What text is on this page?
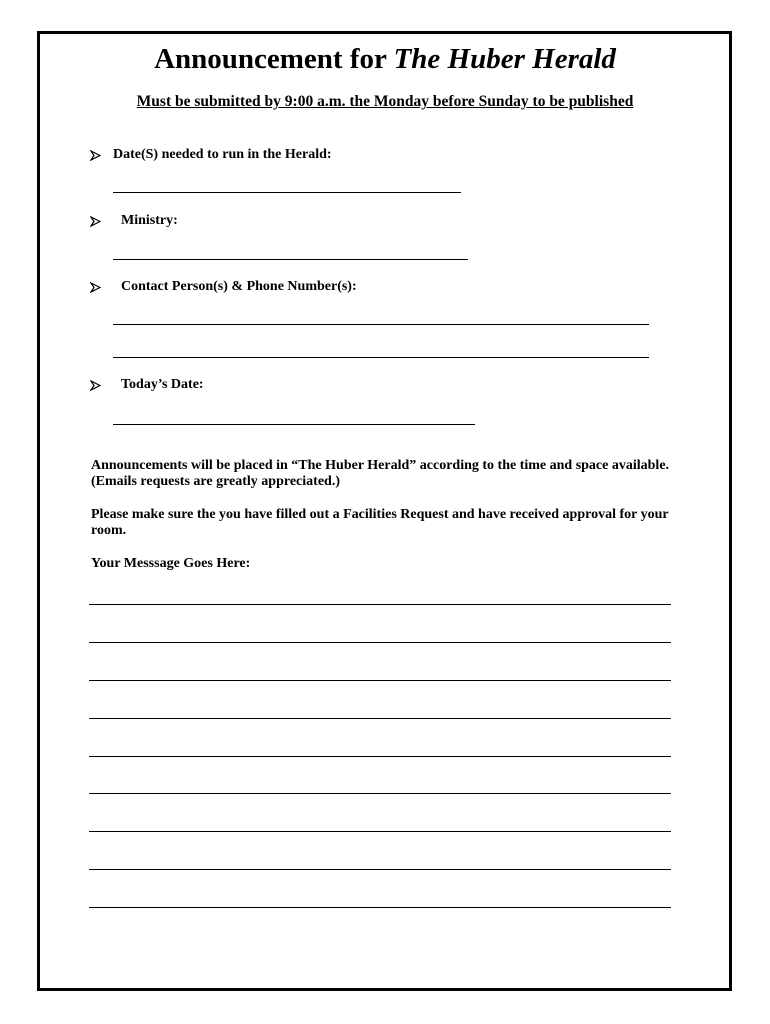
Announcement for The Huber Herald
Must be submitted by 9:00 a.m. the Monday before Sunday to be published
Date(S) needed to run in the Herald:
Ministry:
Contact Person(s) & Phone Number(s):
Today’s Date:
Announcements will be placed in “The Huber Herald” according to the time and space available. (Emails requests are greatly appreciated.)
Please make sure the you have filled out a Facilities Request and have received approval for your room.
Your Messsage Goes Here:
